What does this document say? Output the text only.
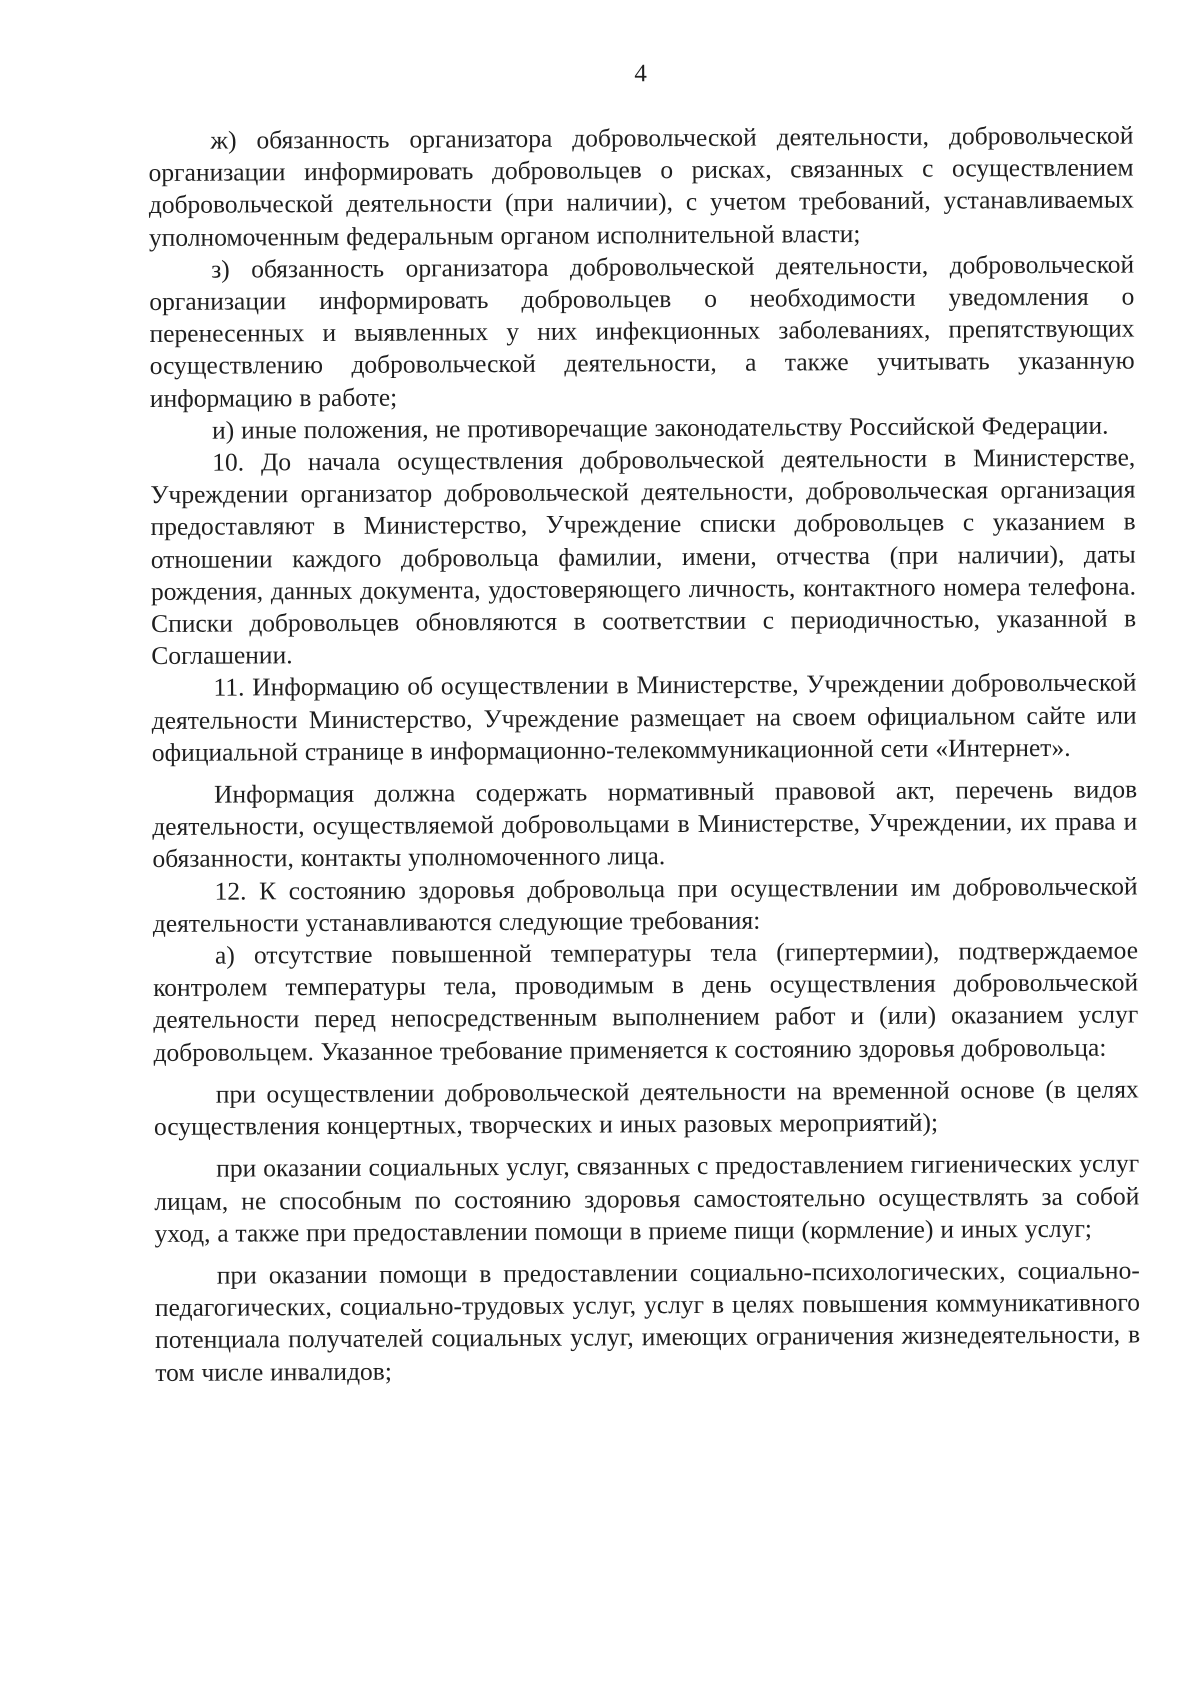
4

ж) обязанность организатора добровольческой деятельности, добровольческой организации информировать добровольцев о рисках, связанных с осуществлением добровольческой деятельности (при наличии), с учетом требований, устанавливаемых уполномоченным федеральным органом исполнительной власти;

з) обязанность организатора добровольческой деятельности, добровольческой организации информировать добровольцев о необходимости уведомления о перенесенных и выявленных у них инфекционных заболеваниях, препятствующих осуществлению добровольческой деятельности, а также учитывать указанную информацию в работе;

и) иные положения, не противоречащие законодательству Российской Федерации.

10. До начала осуществления добровольческой деятельности в Министерстве, Учреждении организатор добровольческой деятельности, добровольческая организация предоставляют в Министерство, Учреждение списки добровольцев с указанием в отношении каждого добровольца фамилии, имени, отчества (при наличии), даты рождения, данных документа, удостоверяющего личность, контактного номера телефона. Списки добровольцев обновляются в соответствии с периодичностью, указанной в Соглашении.

11. Информацию об осуществлении в Министерстве, Учреждении добровольческой деятельности Министерство, Учреждение размещает на своем официальном сайте или официальной странице в информационно-телекоммуникационной сети «Интернет».

Информация должна содержать нормативный правовой акт, перечень видов деятельности, осуществляемой добровольцами в Министерстве, Учреждении, их права и обязанности, контакты уполномоченного лица.

12. К состоянию здоровья добровольца при осуществлении им добровольческой деятельности устанавливаются следующие требования:

а) отсутствие повышенной температуры тела (гипертермии), подтверждаемое контролем температуры тела, проводимым в день осуществления добровольческой деятельности перед непосредственным выполнением работ и (или) оказанием услуг добровольцем. Указанное требование применяется к состоянию здоровья добровольца:

при осуществлении добровольческой деятельности на временной основе (в целях осуществления концертных, творческих и иных разовых мероприятий);

при оказании социальных услуг, связанных с предоставлением гигиенических услуг лицам, не способным по состоянию здоровья самостоятельно осуществлять за собой уход, а также при предоставлении помощи в приеме пищи (кормление) и иных услуг;

при оказании помощи в предоставлении социально-психологических, социально-педагогических, социально-трудовых услуг, услуг в целях повышения коммуникативного потенциала получателей социальных услуг, имеющих ограничения жизнедеятельности, в том числе инвалидов;
